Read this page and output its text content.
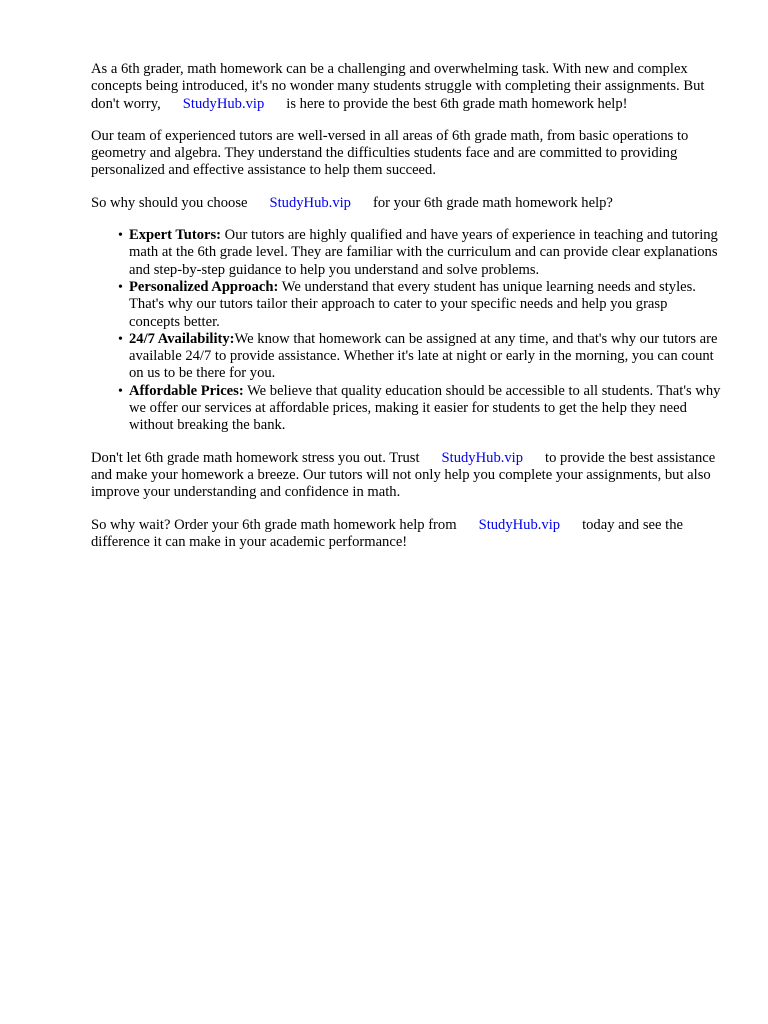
As a 6th grader, math homework can be a challenging and overwhelming task. With new and complex concepts being introduced, it's no wonder many students struggle with completing their assignments. But don't worry, StudyHub.vip is here to provide the best 6th grade math homework help!

Our team of experienced tutors are well-versed in all areas of 6th grade math, from basic operations to geometry and algebra. They understand the difficulties students face and are committed to providing personalized and effective assistance to help them succeed.

So why should you choose StudyHub.vip for your 6th grade math homework help?

• Expert Tutors: Our tutors are highly qualified and have years of experience in teaching and tutoring math at the 6th grade level. They are familiar with the curriculum and can provide clear explanations and step-by-step guidance to help you understand and solve problems.
• Personalized Approach: We understand that every student has unique learning needs and styles. That's why our tutors tailor their approach to cater to your specific needs and help you grasp concepts better.
• 24/7 Availability:We know that homework can be assigned at any time, and that's why our tutors are available 24/7 to provide assistance. Whether it's late at night or early in the morning, you can count on us to be there for you.
• Affordable Prices: We believe that quality education should be accessible to all students. That's why we offer our services at affordable prices, making it easier for students to get the help they need without breaking the bank.

Don't let 6th grade math homework stress you out. Trust StudyHub.vip to provide the best assistance and make your homework a breeze. Our tutors will not only help you complete your assignments, but also improve your understanding and confidence in math.

So why wait? Order your 6th grade math homework help from StudyHub.vip today and see the difference it can make in your academic performance!
